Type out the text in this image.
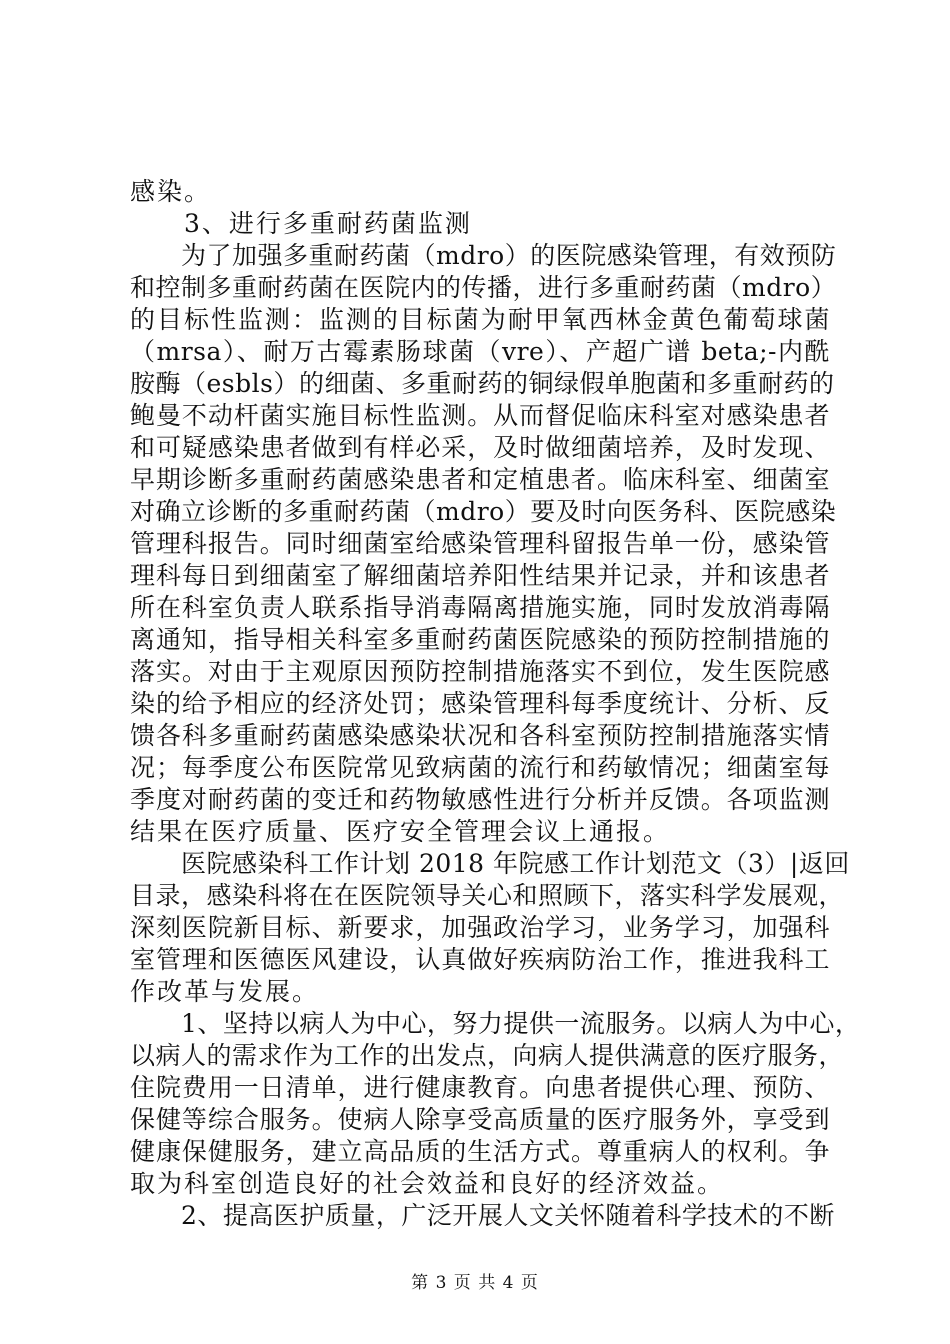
感染。
　　3、进行多重耐药菌监测
　　为了加强多重耐药菌（mdro）的医院感染管理，有效预防
和控制多重耐药菌在医院内的传播，进行多重耐药菌（mdro）
的目标性监测：监测的目标菌为耐甲氧西林金黄色葡萄球菌
（mrsa）、耐万古霉素肠球菌（vre）、产超广谱 beta;-内酰
胺酶（esbls）的细菌、多重耐药的铜绿假单胞菌和多重耐药的
鲍曼不动杆菌实施目标性监测。从而督促临床科室对感染患者
和可疑感染患者做到有样必采，及时做细菌培养，及时发现、
早期诊断多重耐药菌感染患者和定植患者。临床科室、细菌室
对确立诊断的多重耐药菌（mdro）要及时向医务科、医院感染
管理科报告。同时细菌室给感染管理科留报告单一份，感染管
理科每日到细菌室了解细菌培养阳性结果并记录，并和该患者
所在科室负责人联系指导消毒隔离措施实施，同时发放消毒隔
离通知，指导相关科室多重耐药菌医院感染的预防控制措施的
落实。对由于主观原因预防控制措施落实不到位，发生医院感
染的给予相应的经济处罚；感染管理科每季度统计、分析、反
馈各科多重耐药菌感染感染状况和各科室预防控制措施落实情
况；每季度公布医院常见致病菌的流行和药敏情况；细菌室每
季度对耐药菌的变迁和药物敏感性进行分析并反馈。各项监测
结果在医疗质量、医疗安全管理会议上通报。
　　医院感染科工作计划 2018 年院感工作计划范文（3）|返回
目录，感染科将在在医院领导关心和照顾下，落实科学发展观，
深刻医院新目标、新要求，加强政治学习，业务学习，加强科
室管理和医德医风建设，认真做好疾病防治工作，推进我科工
作改革与发展。
　　1、坚持以病人为中心，努力提供一流服务。以病人为中心，
以病人的需求作为工作的出发点，向病人提供满意的医疗服务，
住院费用一日清单，进行健康教育。向患者提供心理、预防、
保健等综合服务。使病人除享受高质量的医疗服务外，享受到
健康保健服务，建立高品质的生活方式。尊重病人的权利。争
取为科室创造良好的社会效益和良好的经济效益。
　　2、提高医护质量，广泛开展人文关怀随着科学技术的不断
第 3 页 共 4 页
